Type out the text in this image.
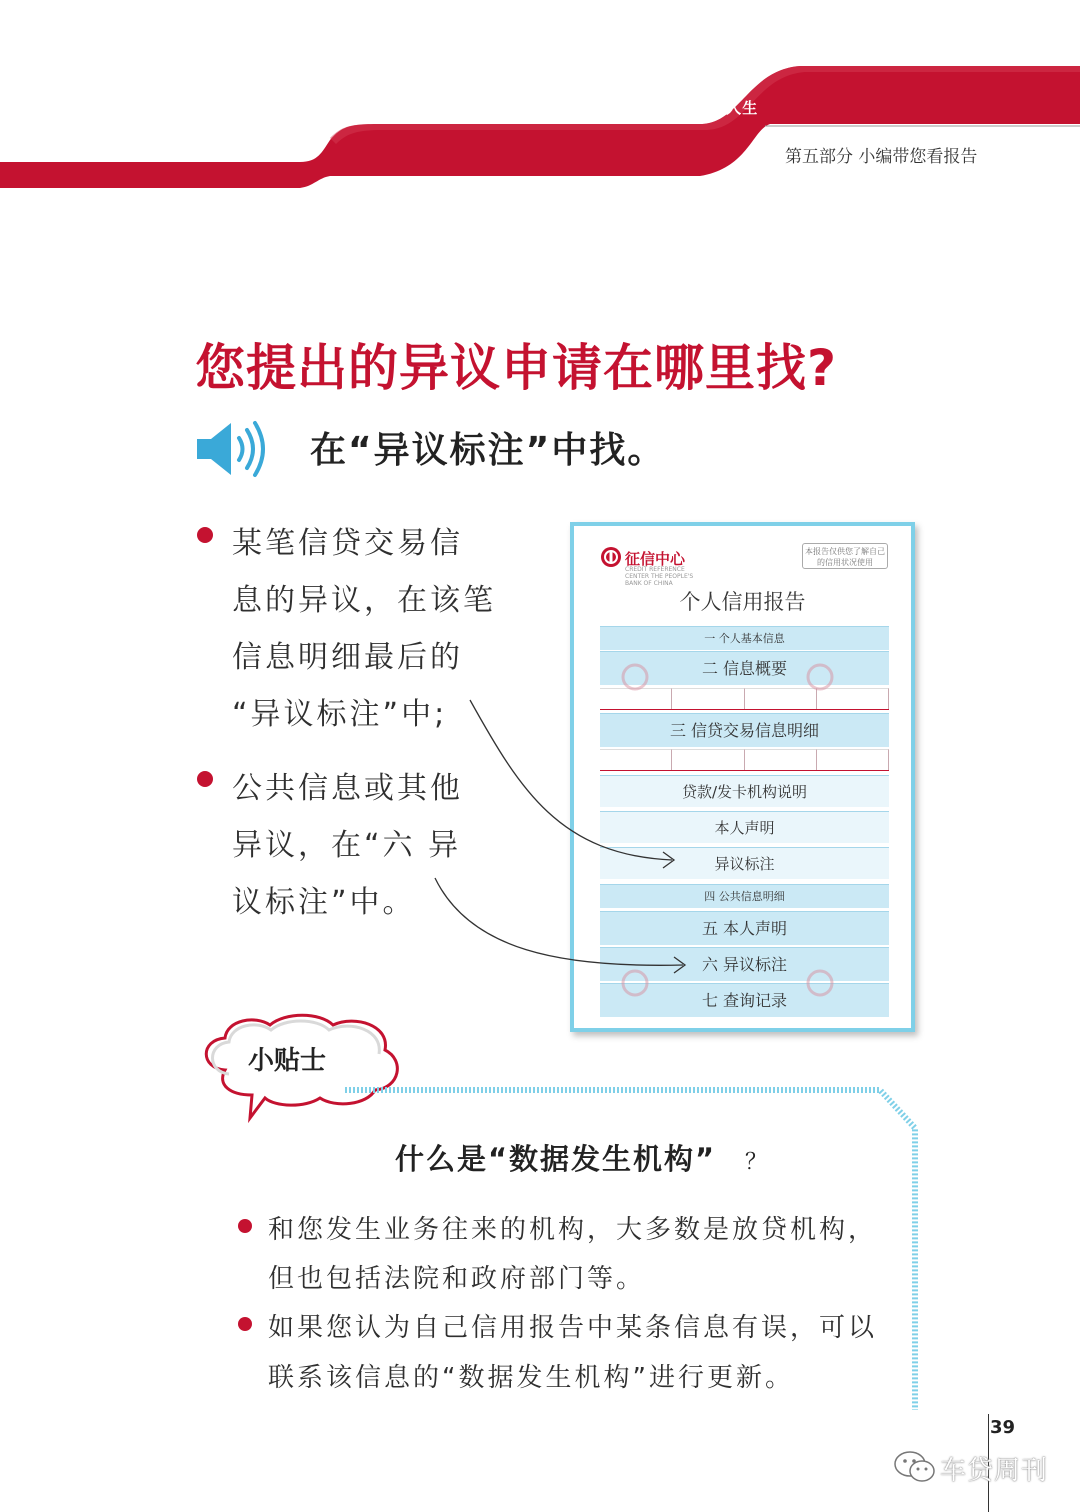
珍爱信用记录 享受幸福人生
第五部分 小编带您看报告
您提出的异议申请在哪里找?
在“异议标注”中找。
某笔信贷交易信
息的异议，在该笔
信息明细最后的
“异议标注”中;
公共信息或其他
异议，在“六 异
议标注”中。
征信中心
CREDIT REFERENCE CENTER THE PEOPLE'S BANK OF CHINA
本报告仅供您了解自己的信用状况使用
个人信用报告
一 个人基本信息
二 信息概要
三 信贷交易信息明细
贷款/发卡机构说明
本人声明
异议标注
四 公共信息明细
五 本人声明
六 异议标注
七 查询记录
小贴士
什么是“数据发生机构” ？
和您发生业务往来的机构，大多数是放贷机构，
但也包括法院和政府部门等。
如果您认为自己信用报告中某条信息有误，可以
联系该信息的“数据发生机构”进行更新。
39
车贷周刊
